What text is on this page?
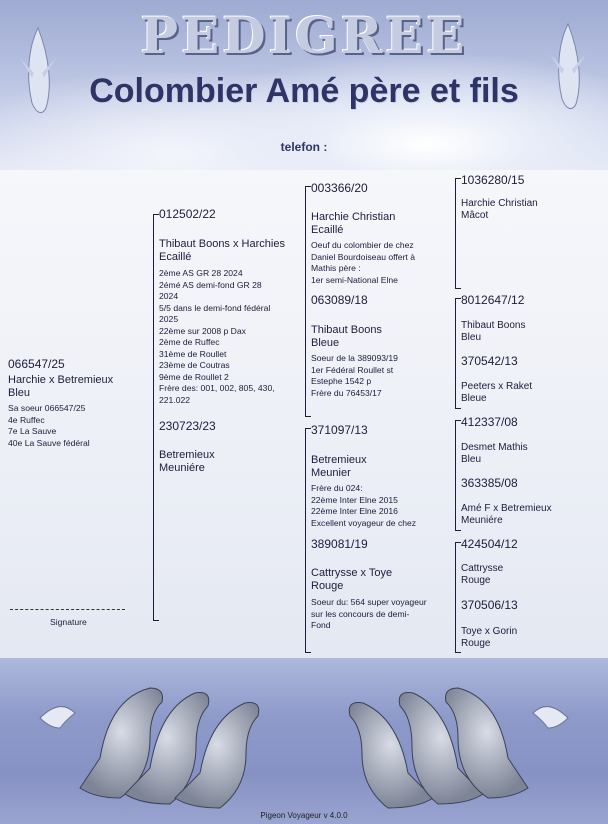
PEDIGREE
Colombier Amé père et fils
telefon :
066547/25
Harchie x Betremieux
Bleu
Sa soeur 066547/25
4e Ruffec
7e La Sauve
40e La Sauve fédéral
Signature
012502/22
Thibaut Boons x Harchies
Ecaillé
2ème AS GR 28 2024
2émé AS demi-fond GR 28
2024
5/5 dans le demi-fond fédéral
2025
22ème sur 2008 p Dax
2ème de Ruffec
31ème de Roullet
23ème de Coutras
9ème de Roullet 2
Frère des: 001, 002, 805, 430,
221.022
230723/23
Betremieux
Meuniére
003366/20
Harchie Christian
Ecaillé
Oeuf du colombier de chez
Daniel Bourdoiseau offert à
Mathis père :
1er semi-National Elne
063089/18
Thibaut Boons
Bleue
Soeur de la 389093/19
1er Fédéral Roullet st
Estephe 1542 p
Frère du 76453/17
371097/13
Betremieux
Meunier
Frère du 024:
22ème Inter Elne 2015
22ème Inter Elne 2016
Excellent voyageur de chez
389081/19
Cattrysse x Toye
Rouge
Soeur du: 564 super voyageur
sur les concours de demi-
Fond
1036280/15
Harchie Christian
Mâcot
8012647/12
Thibaut Boons
Bleu
370542/13
Peeters x Raket
Bleue
412337/08
Desmet Mathis
Bleu
363385/08
Amé F x Betremieux
Meuniére
424504/12
Cattrysse
Rouge
370506/13
Toye x Gorin
Rouge
Pigeon Voyageur v 4.0.0
